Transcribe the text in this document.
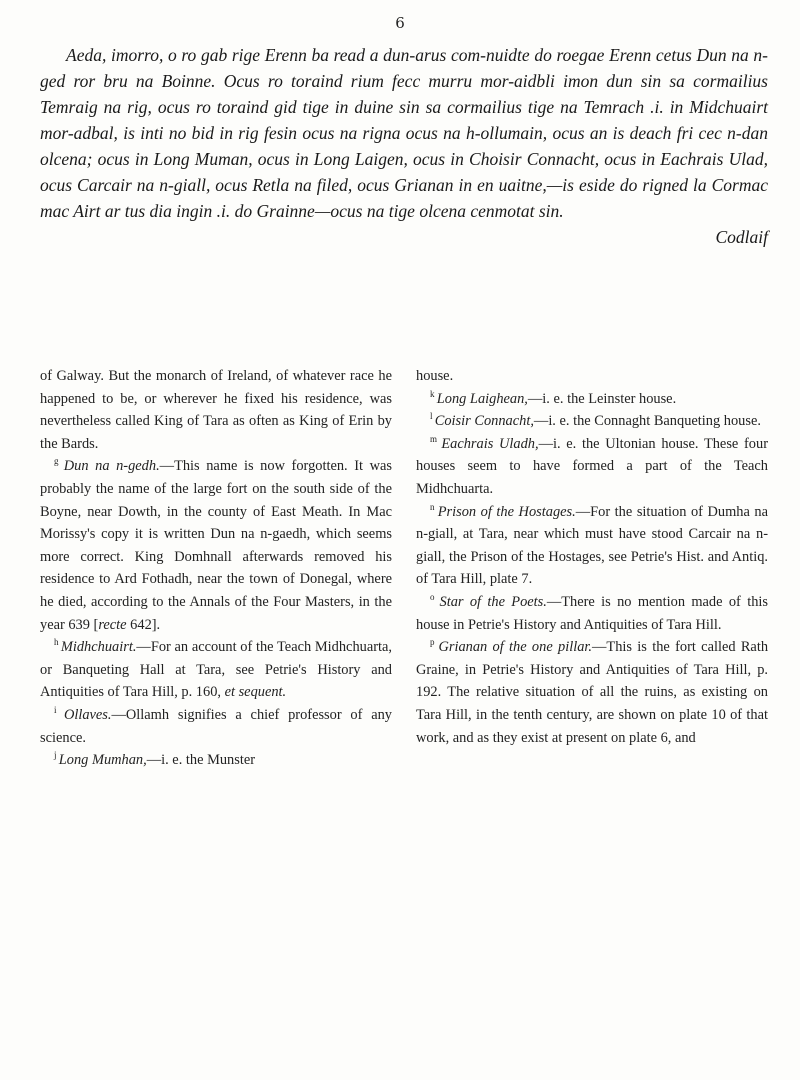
6

Aeda, imorro, o ro gab rige Erenn ba read a dun-arus com-nuidte do roegae Erenn cetus Dun na n-ged ror bru na Boinne. Ocus ro toraind rium fecc murru mor-aidbli imon dun sin sa cormailius Temraig na rig, ocus ro toraind gid tige in duine sin sa cormailius tige na Temrach .i. in Midchuairt mor-adbal, is inti no bid in rig fesin ocus na rigna ocus na h-ollumain, ocus an is deach fri cec n-dan olcena; ocus in Long Muman, ocus in Long Laigen, ocus in Choisir Connacht, ocus in Eachrais Ulad, ocus Carcair na n-giall, ocus Retla na filed, ocus Grianan in en uaitne,—is eside do rigned la Cormac mac Airt ar tus dia ingin .i. do Grainne—ocus na tige olcena cenmotat sin.

Codlaif

of Galway. But the monarch of Ireland, of whatever race he happened to be, or wherever he fixed his residence, was nevertheless called King of Tara as often as King of Erin by the Bards.

$^g$ Dun na n-gedh.—This name is now forgotten. It was probably the name of the large fort on the south side of the Boyne, near Dowth, in the county of East Meath. In Mac Morissy's copy it is written Dun na n-gaedh, which seems more correct. King Domhnall afterwards removed his residence to Ard Fothadh, near the town of Donegal, where he died, according to the Annals of the Four Masters, in the year 639 [recte 642].

$^h$ Midhchuairt.—For an account of the Teach Midhchuarta, or Banqueting Hall at Tara, see Petrie's History and Antiquities of Tara Hill, p. 160, et sequent.

$^i$ Ollaves.—Ollamh signifies a chief professor of any science.

$^j$ Long Mumhan,—i. e. the Munster

house.

$^k$ Long Laighean,—i. e. the Leinster house.

$^l$ Coisir Connacht,—i. e. the Connaght Banqueting house.

$^m$ Eachrais Uladh,—i. e. the Ultonian house. These four houses seem to have formed a part of the Teach Midhchuarta.

$^n$ Prison of the Hostages.—For the situation of Dumha na n-giall, at Tara, near which must have stood Carcair na n-giall, the Prison of the Hostages, see Petrie's Hist. and Antiq. of Tara Hill, plate 7.

$^o$ Star of the Poets.—There is no mention made of this house in Petrie's History and Antiquities of Tara Hill.

$^p$ Grianan of the one pillar.—This is the fort called Rath Graine, in Petrie's History and Antiquities of Tara Hill, p. 192. The relative situation of all the ruins, as existing on Tara Hill, in the tenth century, are shown on plate 10 of that work, and as they exist at present on plate 6, and
